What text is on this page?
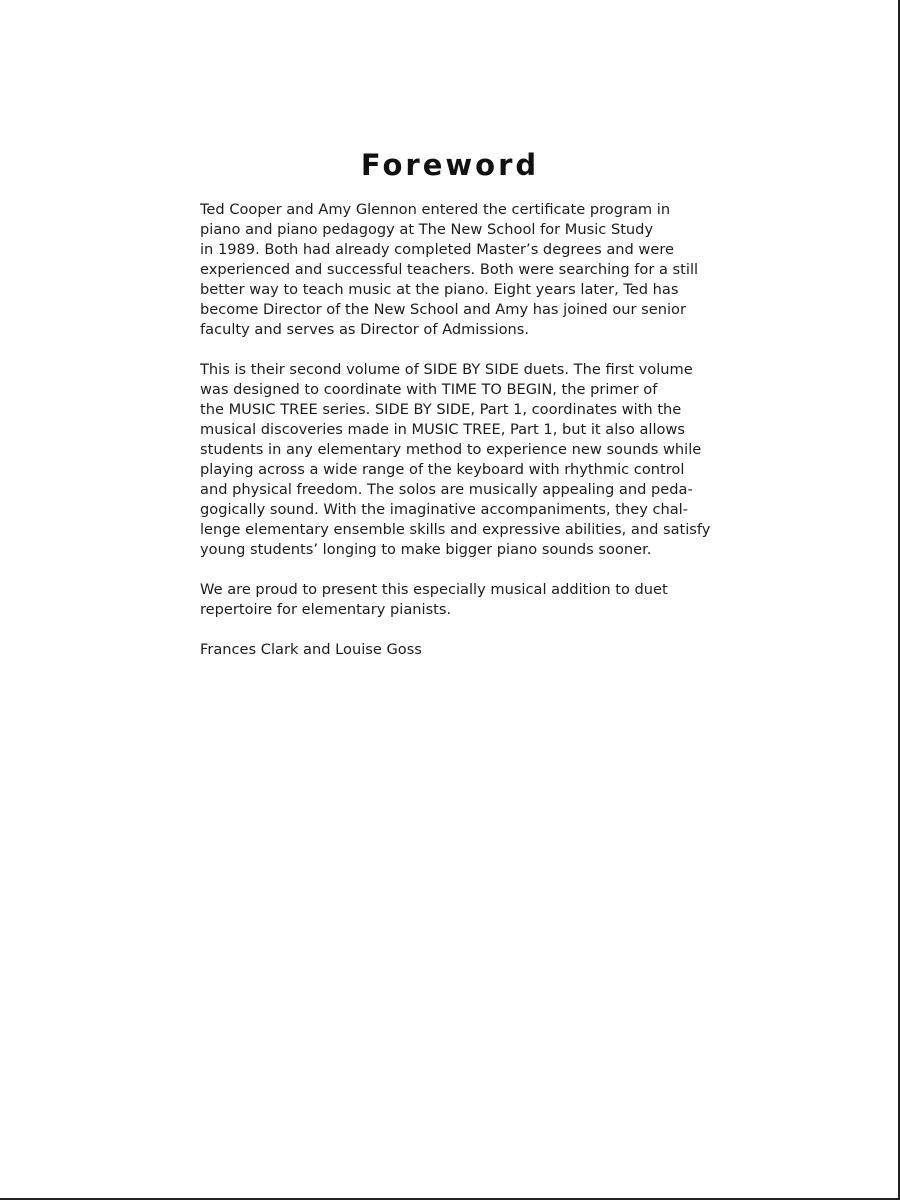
Foreword

Ted Cooper and Amy Glennon entered the certificate program in
piano and piano pedagogy at The New School for Music Study
in 1989. Both had already completed Master’s degrees and were
experienced and successful teachers. Both were searching for a still
better way to teach music at the piano. Eight years later, Ted has
become Director of the New School and Amy has joined our senior
faculty and serves as Director of Admissions.

This is their second volume of SIDE BY SIDE duets. The first volume
was designed to coordinate with TIME TO BEGIN, the primer of
the MUSIC TREE series. SIDE BY SIDE, Part 1, coordinates with the
musical discoveries made in MUSIC TREE, Part 1, but it also allows
students in any elementary method to experience new sounds while
playing across a wide range of the keyboard with rhythmic control
and physical freedom. The solos are musically appealing and peda-
gogically sound. With the imaginative accompaniments, they chal-
lenge elementary ensemble skills and expressive abilities, and satisfy
young students’ longing to make bigger piano sounds sooner.

We are proud to present this especially musical addition to duet
repertoire for elementary pianists.

Frances Clark and Louise Goss
